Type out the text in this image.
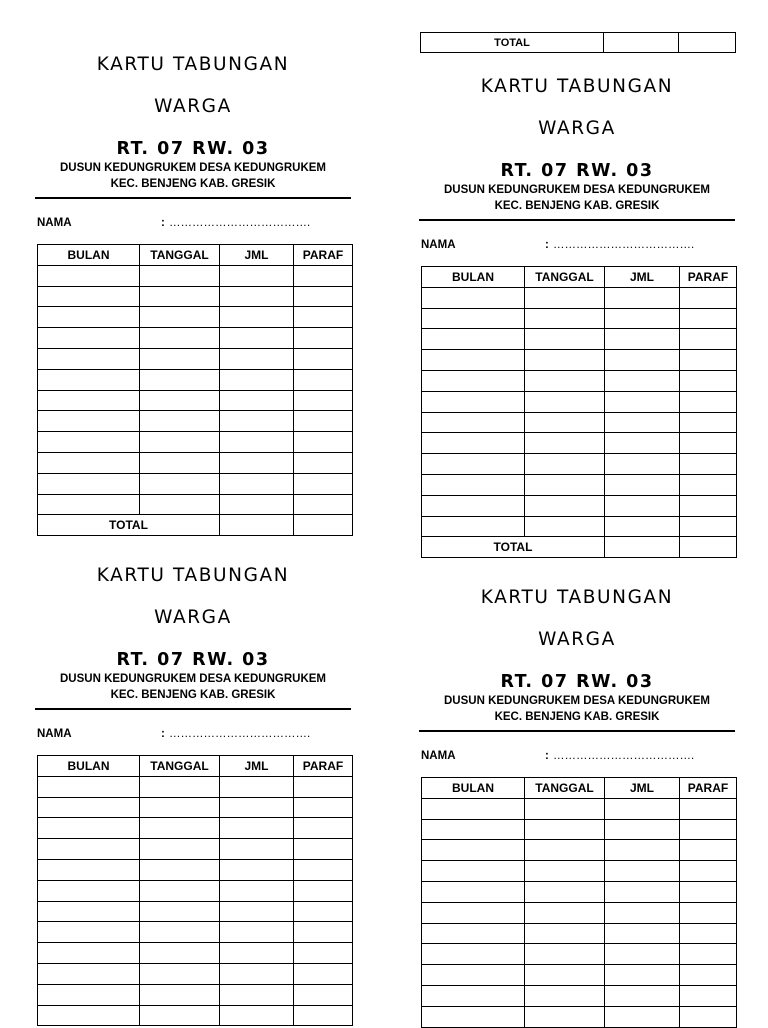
TOTAL		

KARTU TABUNGAN

WARGA

RT. 07 RW. 03
DUSUN KEDUNGRUKEM DESA KEDUNGRUKEM
KEC. BENJENG KAB. GRESIK
NAMA	: ……………………………….
BULAN	TANGGAL	JML	PARAF

TOTAL			

KARTU TABUNGAN

WARGA

RT. 07 RW. 03
DUSUN KEDUNGRUKEM DESA KEDUNGRUKEM
KEC. BENJENG KAB. GRESIK
NAMA	: ……………………………….
BULAN	TANGGAL	JML	PARAF

TOTAL			

KARTU TABUNGAN

WARGA

RT. 07 RW. 03
DUSUN KEDUNGRUKEM DESA KEDUNGRUKEM
KEC. BENJENG KAB. GRESIK
NAMA	: ……………………………….
BULAN	TANGGAL	JML	PARAF

KARTU TABUNGAN

WARGA

RT. 07 RW. 03
DUSUN KEDUNGRUKEM DESA KEDUNGRUKEM
KEC. BENJENG KAB. GRESIK
NAMA	: ……………………………….
BULAN	TANGGAL	JML	PARAF
